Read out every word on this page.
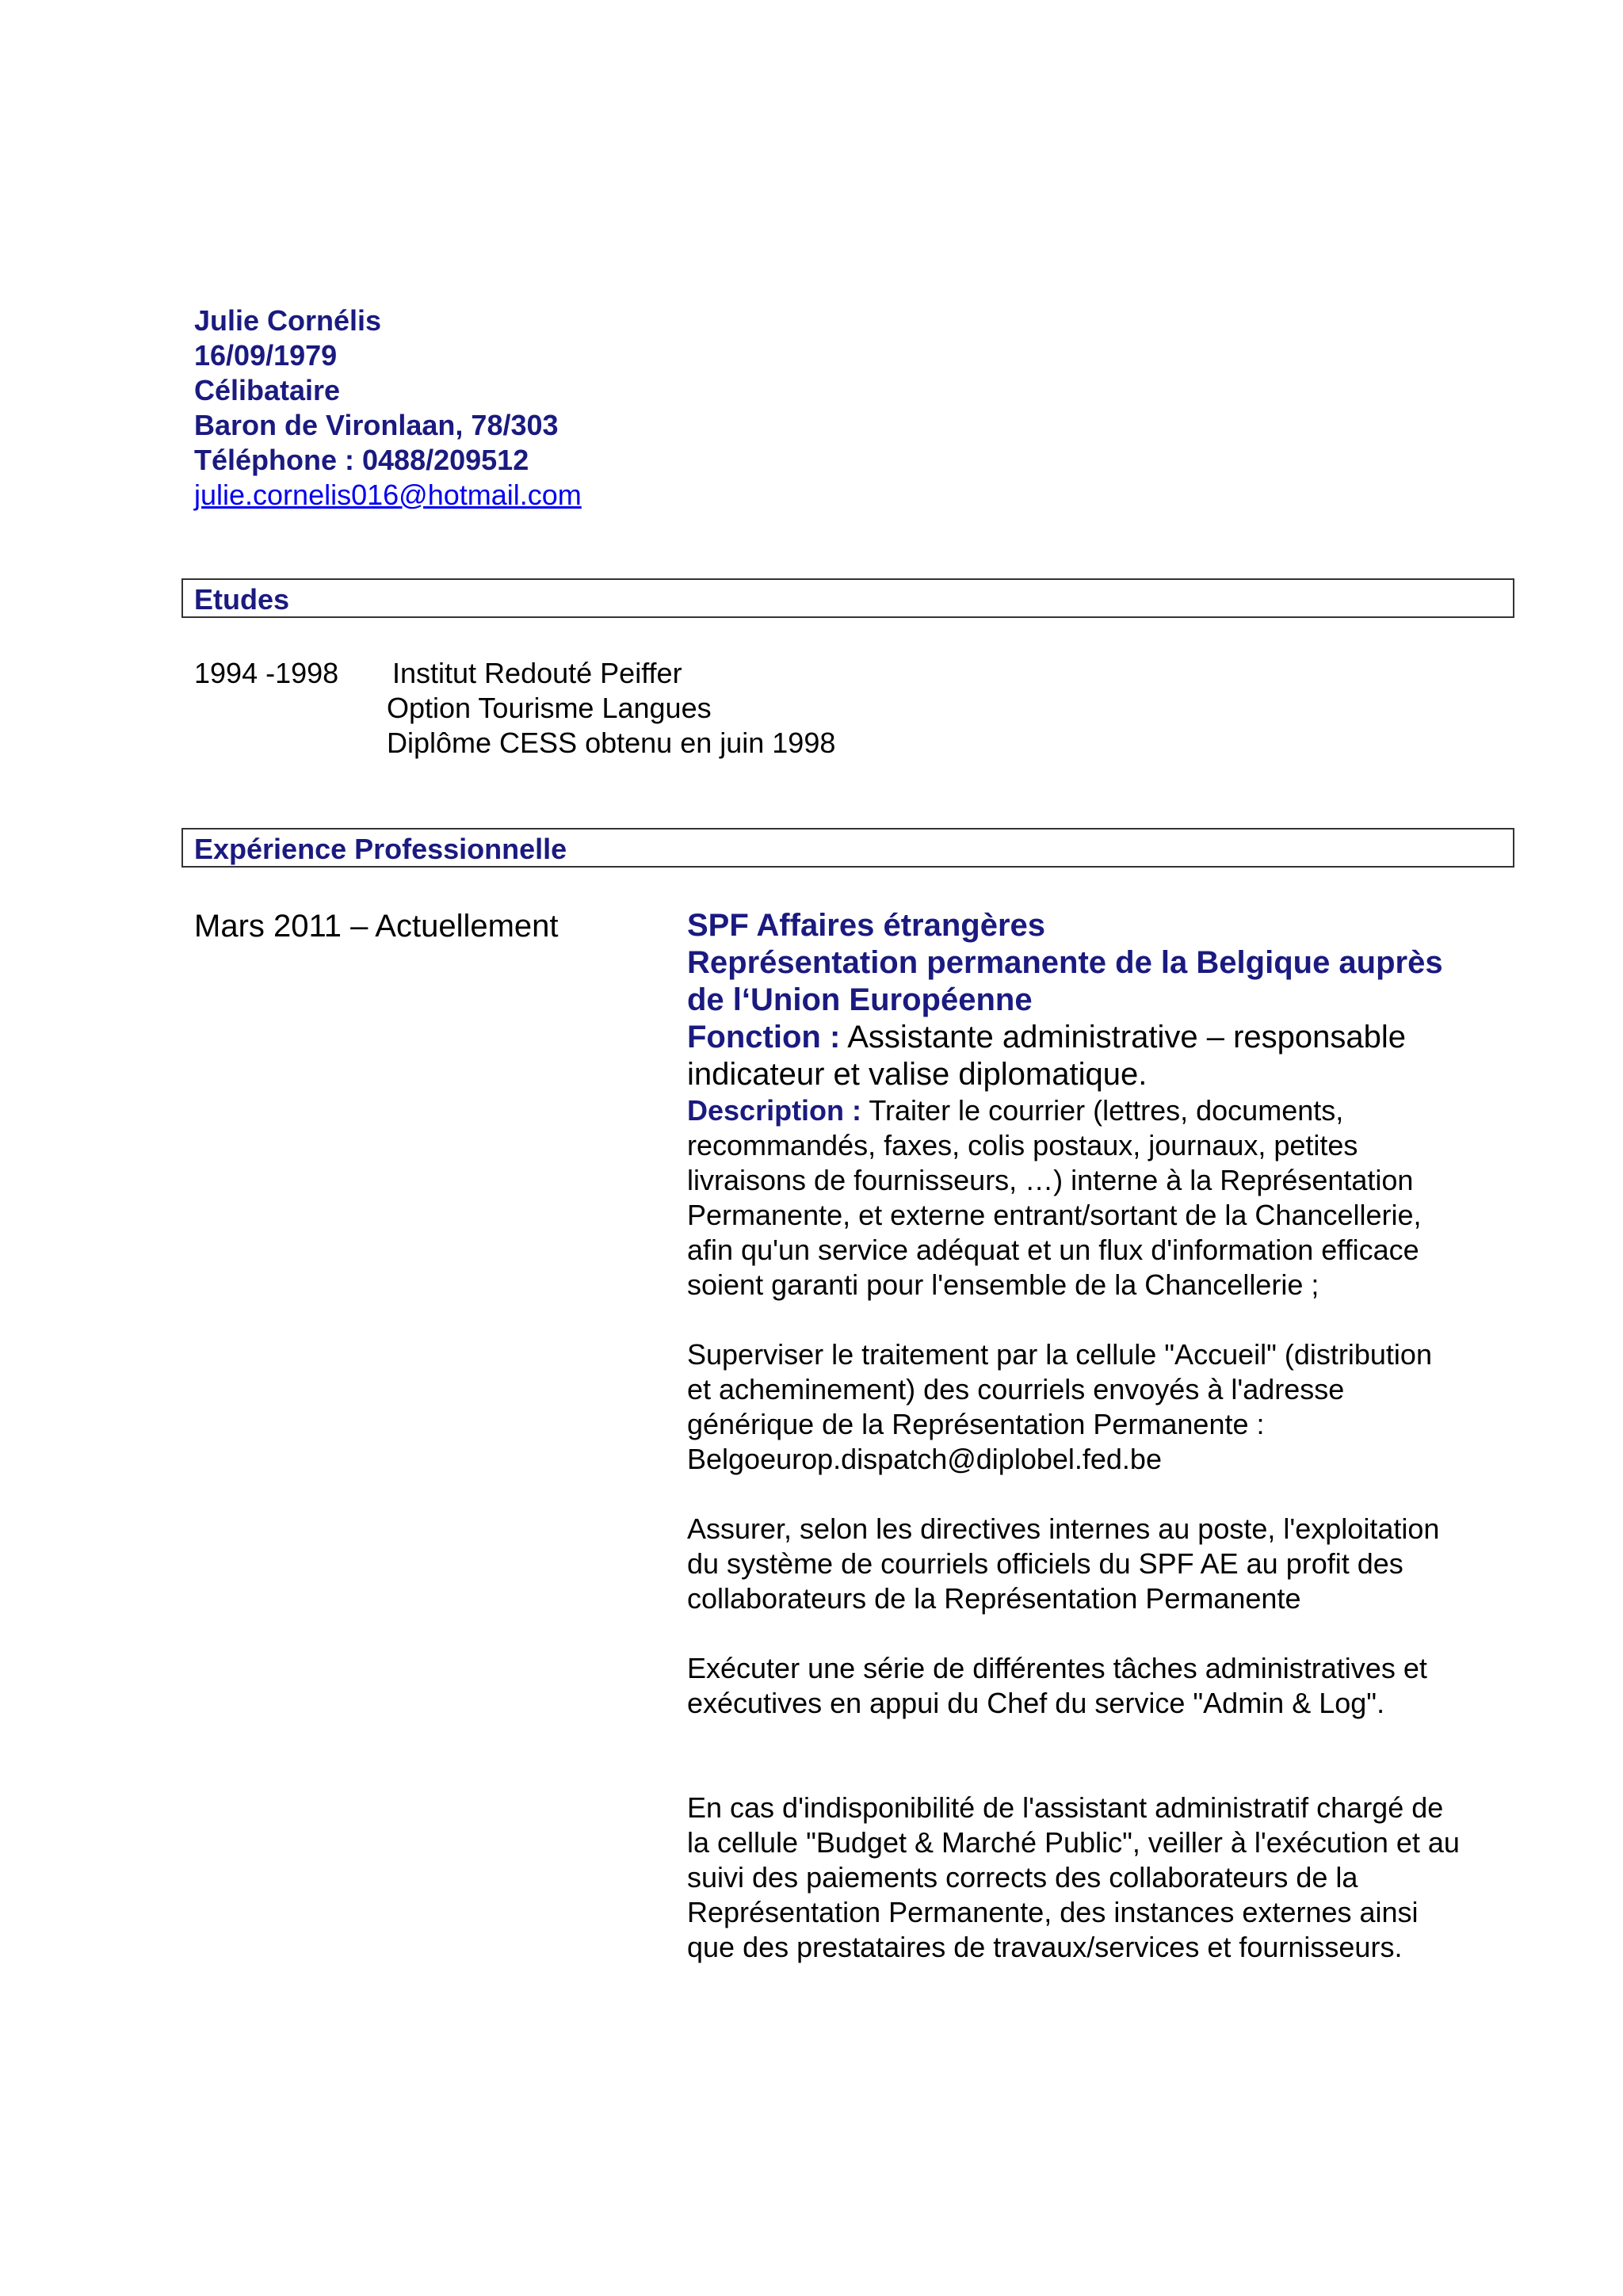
Julie Cornélis
16/09/1979
Célibataire
Baron de Vironlaan, 78/303
Téléphone : 0488/209512
julie.cornelis016@hotmail.com
Etudes
1994 -1998 Institut Redouté Peiffer
Option Tourisme Langues
Diplôme CESS obtenu en juin 1998
Expérience Professionnelle
Mars 2011 – Actuellement	SPF Affaires étrangères
Représentation permanente de la Belgique auprès
de l‘Union Européenne
Fonction : Assistante administrative – responsable
indicateur et valise diplomatique.
Description : Traiter le courrier (lettres, documents,
recommandés, faxes, colis postaux, journaux, petites
livraisons de fournisseurs, …) interne à la Représentation
Permanente, et externe entrant/sortant de la Chancellerie,
afin qu'un service adéquat et un flux d'information efficace
soient garanti pour l'ensemble de la Chancellerie ;
Superviser le traitement par la cellule "Accueil" (distribution
et acheminement) des courriels envoyés à l'adresse
générique de la Représentation Permanente :
Belgoeurop.dispatch@diplobel.fed.be
Assurer, selon les directives internes au poste, l'exploitation
du système de courriels officiels du SPF AE au profit des
collaborateurs de la Représentation Permanente
Exécuter une série de différentes tâches administratives et
exécutives en appui du Chef du service "Admin & Log".
En cas d'indisponibilité de l'assistant administratif chargé de
la cellule "Budget & Marché Public", veiller à l'exécution et au
suivi des paiements corrects des collaborateurs de la
Représentation Permanente, des instances externes ainsi
que des prestataires de travaux/services et fournisseurs.
